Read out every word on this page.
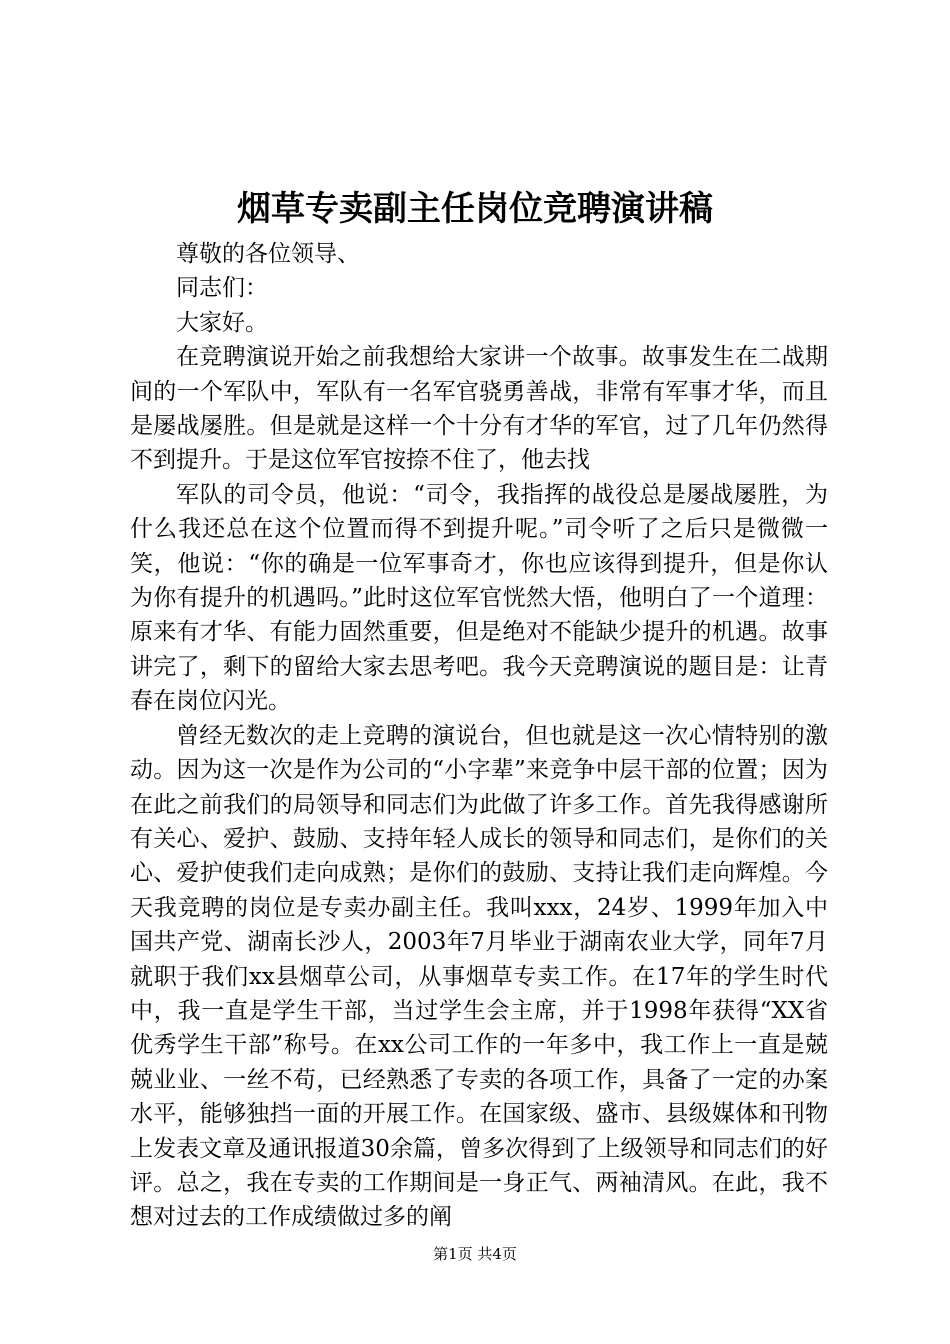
烟草专卖副主任岗位竞聘演讲稿

尊敬的各位领导、

同志们：

大家好。

在竞聘演说开始之前我想给大家讲一个故事。故事发生在二战期间的一个军队中，军队有一名军官骁勇善战，非常有军事才华，而且是屡战屡胜。但是就是这样一个十分有才华的军官，过了几年仍然得不到提升。于是这位军官按捺不住了，他去找

军队的司令员，他说：“司令，我指挥的战役总是屡战屡胜，为什么我还总在这个位置而得不到提升呢。”司令听了之后只是微微一笑，他说：“你的确是一位军事奇才，你也应该得到提升，但是你认为你有提升的机遇吗。”此时这位军官恍然大悟，他明白了一个道理：原来有才华、有能力固然重要，但是绝对不能缺少提升的机遇。故事讲完了，剩下的留给大家去思考吧。我今天竞聘演说的题目是：让青春在岗位闪光。

曾经无数次的走上竞聘的演说台，但也就是这一次心情特别的激动。因为这一次是作为公司的“小字辈”来竞争中层干部的位置；因为在此之前我们的局领导和同志们为此做了许多工作。首先我得感谢所有关心、爱护、鼓励、支持年轻人成长的领导和同志们，是你们的关心、爱护使我们走向成熟；是你们的鼓励、支持让我们走向辉煌。今天我竞聘的岗位是专卖办副主任。我叫xxx，24岁、1999年加入中国共产党、湖南长沙人，2003年7月毕业于湖南农业大学，同年7月就职于我们xx县烟草公司，从事烟草专卖工作。在17年的学生时代中，我一直是学生干部，当过学生会主席，并于1998年获得“XX省优秀学生干部”称号。在xx公司工作的一年多中，我工作上一直是兢兢业业、一丝不苟，已经熟悉了专卖的各项工作，具备了一定的办案水平，能够独挡一面的开展工作。在国家级、盛市、县级媒体和刊物上发表文章及通讯报道30余篇，曾多次得到了上级领导和同志们的好评。总之，我在专卖的工作期间是一身正气、两袖清风。在此，我不想对过去的工作成绩做过多的阐

第1页 共4页
